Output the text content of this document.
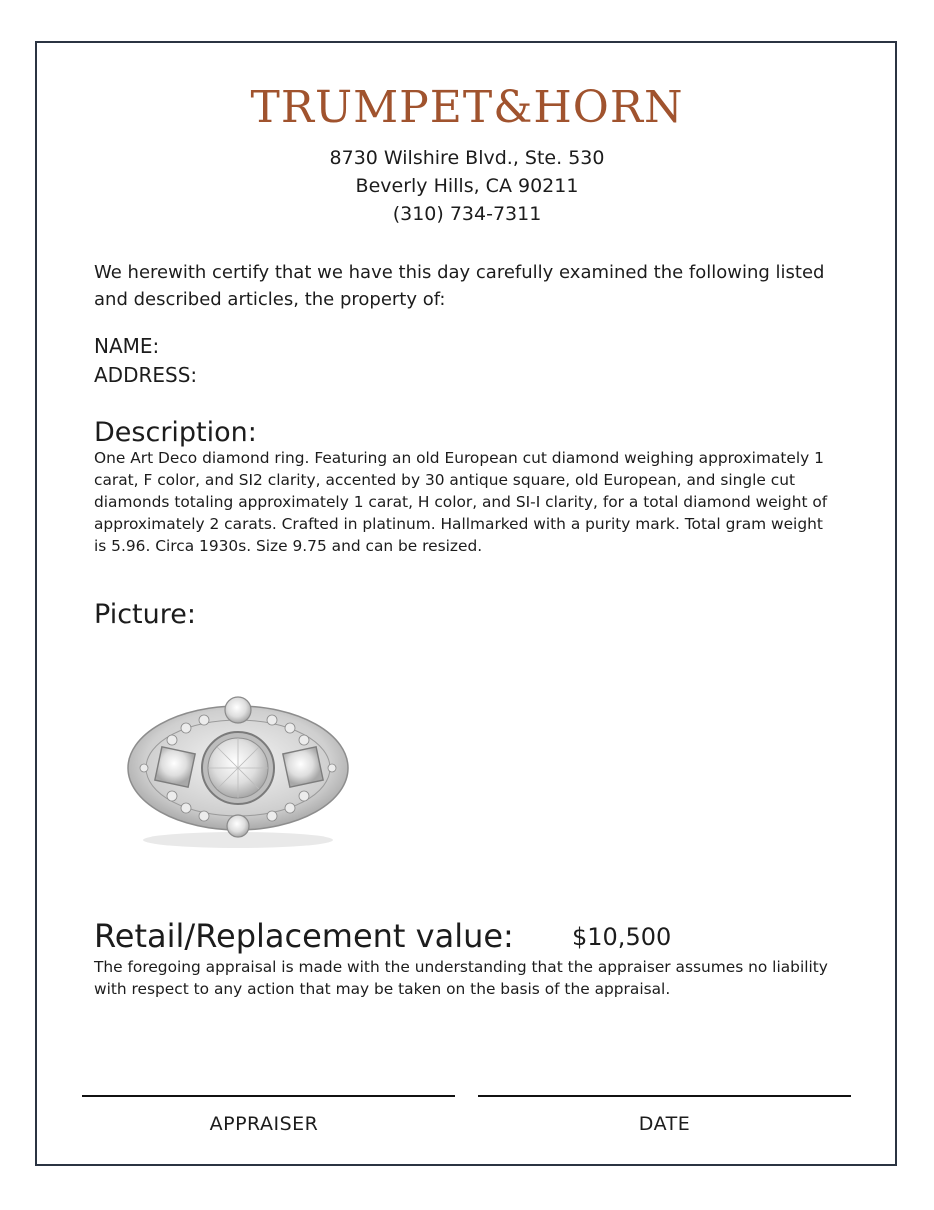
TRUMPET&HORN
8730 Wilshire Blvd., Ste. 530
Beverly Hills, CA 90211
(310) 734-7311
We herewith certify that we have this day carefully examined the following listed and described articles, the property of:
NAME:
ADDRESS:
Description:
One Art Deco diamond ring. Featuring an old European cut diamond weighing approximately 1 carat, F color, and SI2 clarity, accented by 30 antique square, old European, and single cut diamonds totaling approximately 1 carat, H color, and SI-I clarity, for a total diamond weight of approximately 2 carats. Crafted in platinum. Hallmarked with a purity mark. Total gram weight is 5.96. Circa 1930s. Size 9.75 and can be resized.
Picture:
Retail/Replacement value: $10,500
The foregoing appraisal is made with the understanding that the appraiser assumes no liability with respect to any action that may be taken on the basis of the appraisal.
APPRAISER	DATE
